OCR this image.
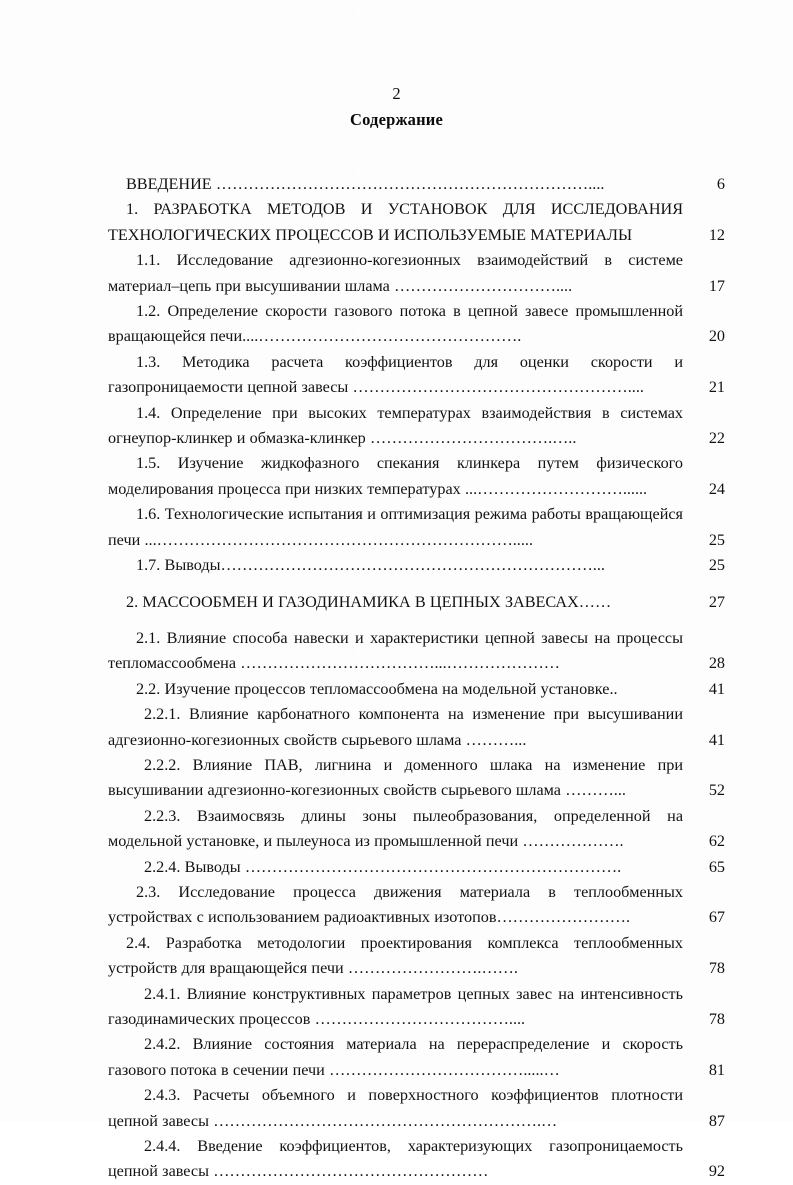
2
Содержание
ВВЕДЕНИЕ ……………………………………………………………....	6
1. РАЗРАБОТКА МЕТОДОВ И УСТАНОВОК ДЛЯ ИССЛЕДОВАНИЯ ТЕХНОЛОГИЧЕСКИХ ПРОЦЕССОВ И ИСПОЛЬЗУЕМЫЕ МАТЕРИАЛЫ	12
1.1. Исследование адгезионно-когезионных взаимодействий в системе материал–цепь при высушивании шлама …………………………....	17
1.2. Определение скорости газового потока в цепной завесе промышленной вращающейся печи....………………………………………….	20
1.3. Методика расчета коэффициентов для оценки скорости и газопроницаемости цепной завесы ……………………………………………....	21
1.4. Определение при высоких температурах взаимодействия в системах огнеупор-клинкер и обмазка-клинкер …………………………….…..	22
1.5. Изучение жидкофазного спекания клинкера путем физического моделирования процесса при низких температурах ...………………………......	24
1.6. Технологические испытания и оптимизация режима работы вращающейся печи ...………………………………………………………….....	25
1.7. Выводы……………………………………………………………...	25
2. МАССООБМЕН И ГАЗОДИНАМИКА В ЦЕПНЫХ ЗАВЕСАХ……	27
2.1. Влияние способа навески и характеристики цепной завесы на процессы тепломассообмена ………………………………...…………………	28
2.2. Изучение процессов тепломассообмена на модельной установке..	41
2.2.1. Влияние карбонатного компонента на изменение при высушивании адгезионно-когезионных свойств сырьевого шлама ………...	41
2.2.2. Влияние ПАВ, лигнина и доменного шлака на изменение при высушивании адгезионно-когезионных свойств сырьевого шлама ………...	52
2.2.3. Взаимосвязь длины зоны пылеобразования, определенной на модельной установке, и пылеуноса из промышленной печи ……………….	62
2.2.4. Выводы …………………………………………………………….	65
2.3. Исследование процесса движения материала в теплообменных устройствах с использованием радиоактивных изотопов…………………….	67
2.4. Разработка методологии проектирования комплекса теплообменных устройств для вращающейся печи …………………….…….	78
2.4.1. Влияние конструктивных параметров цепных завес на интенсивность газодинамических процессов ………………………………....	78
2.4.2. Влияние состояния материала на перераспределение и скорость газового потока в сечении печи ……………………………….....…	81
2.4.3. Расчеты объемного и поверхностного коэффициентов плотности цепной завесы …………………………………………………….…	87
2.4.4. Введение коэффициентов, характеризующих газопроницаемость цепной завесы ……………………………………………	92
